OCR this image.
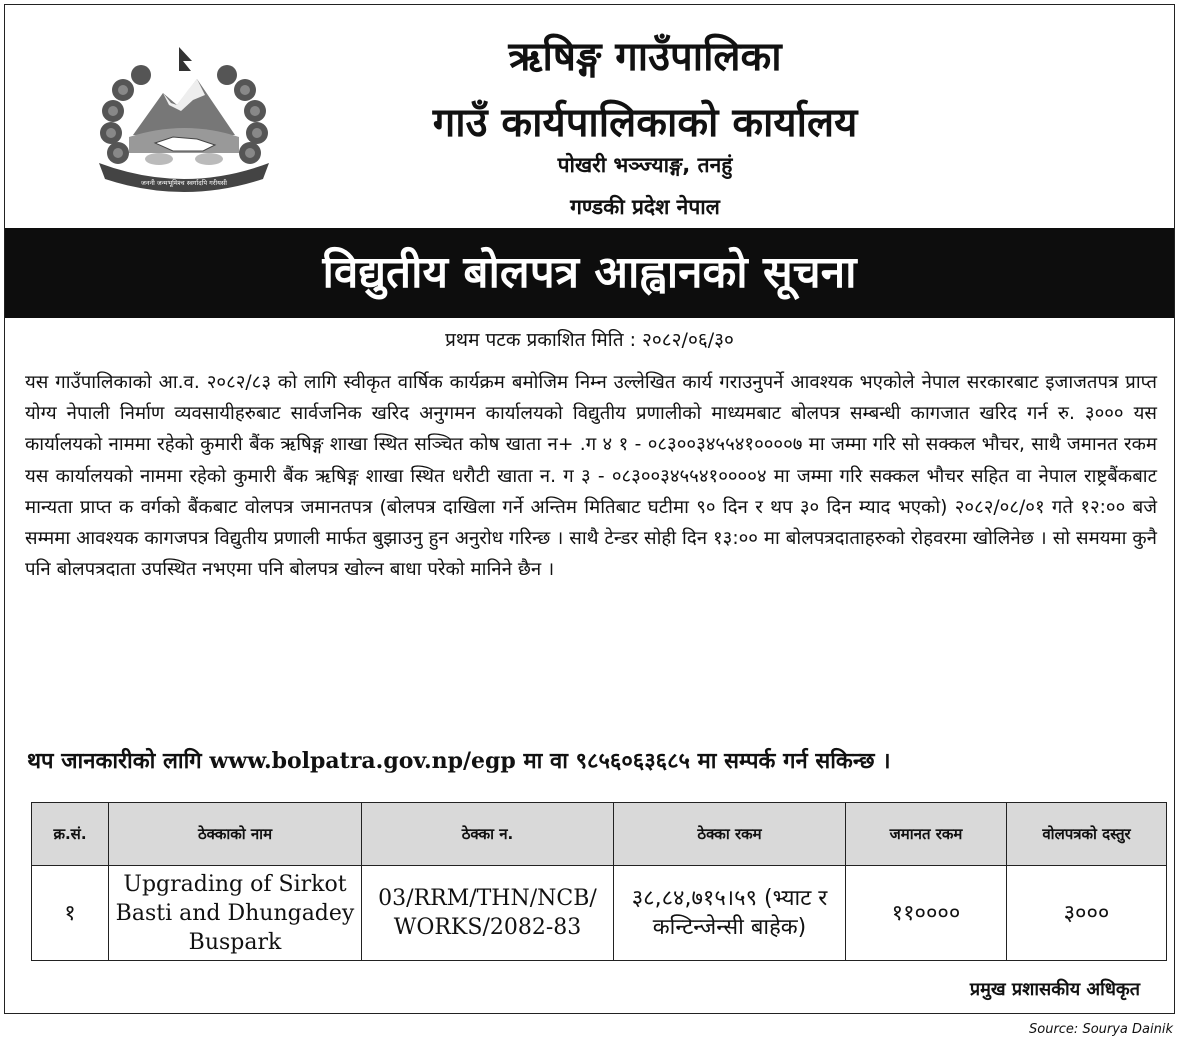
जननी जन्मभूमिश्च स्वर्गादपि गरीयसी
ऋषिङ्ग गाउँपालिका
गाउँ कार्यपालिकाको कार्यालय
पोखरी भञ्ज्याङ्ग, तनहुं
गण्डकी प्रदेश नेपाल
विद्युतीय बोलपत्र आह्वानको सूचना
प्रथम पटक प्रकाशित मिति : २०८२/०६/३०

यस गाउँपालिकाको आ.व. २०८२/८३ को लागि स्वीकृत वार्षिक कार्यक्रम बमोजिम निम्न उल्लेखित कार्य गराउनुपर्ने आवश्यक भएकोले नेपाल सरकारबाट इजाजतपत्र प्राप्त योग्य नेपाली निर्माण व्यवसायीहरुबाट सार्वजनिक खरिद अनुगमन कार्यालयको विद्युतीय प्रणालीको माध्यमबाट बोलपत्र सम्बन्धी कागजात खरिद गर्न रु. ३००० यस कार्यालयको नाममा रहेको कुमारी बैंक ऋषिङ्ग शाखा स्थित सञ्चित कोष खाता न+ .ग ४ १ - ०८३००३४५५४१००००७ मा जम्मा गरि सो सक्कल भौचर, साथै जमानत रकम यस कार्यालयको नाममा रहेको कुमारी बैंक ऋषिङ्ग शाखा स्थित धरौटी खाता न. ग ३ - ०८३००३४५५४१००००४ मा जम्मा गरि सक्कल भौचर सहित वा नेपाल राष्ट्रबैंकबाट मान्यता प्राप्त क वर्गको बैंकबाट वोलपत्र जमानतपत्र (बोलपत्र दाखिला गर्ने अन्तिम मितिबाट घटीमा ९० दिन र थप ३० दिन म्याद भएको) २०८२/०८/०१ गते १२:०० बजे सम्ममा आवश्यक कागजपत्र विद्युतीय प्रणाली मार्फत बुझाउनु हुन अनुरोध गरिन्छ । साथै टेन्डर सोही दिन १३:०० मा बोलपत्रदाताहरुको रोहवरमा खोलिनेछ । सो समयमा कुनै पनि बोलपत्रदाता उपस्थित नभएमा पनि बोलपत्र खोल्न बाधा परेको मानिने छैन ।

थप जानकारीको लागि www.bolpatra.gov.np/egp मा वा ९८५६०६३६८५ मा सम्पर्क गर्न सकिन्छ ।
क्र.सं.	ठेक्काको नाम	ठेक्का न.	ठेक्का रकम	जमानत रकम	वोलपत्रको दस्तुर
१	Upgrading of Sirkot Basti and Dhungadey Buspark	03/RRM/THN/NCB/ WORKS/2082-83	३८,८४,७१५।५९ (भ्याट र कन्टिन्जेन्सी बाहेक)	११००००	३०००
प्रमुख प्रशासकीय अधिकृत
Source: Sourya Dainik
